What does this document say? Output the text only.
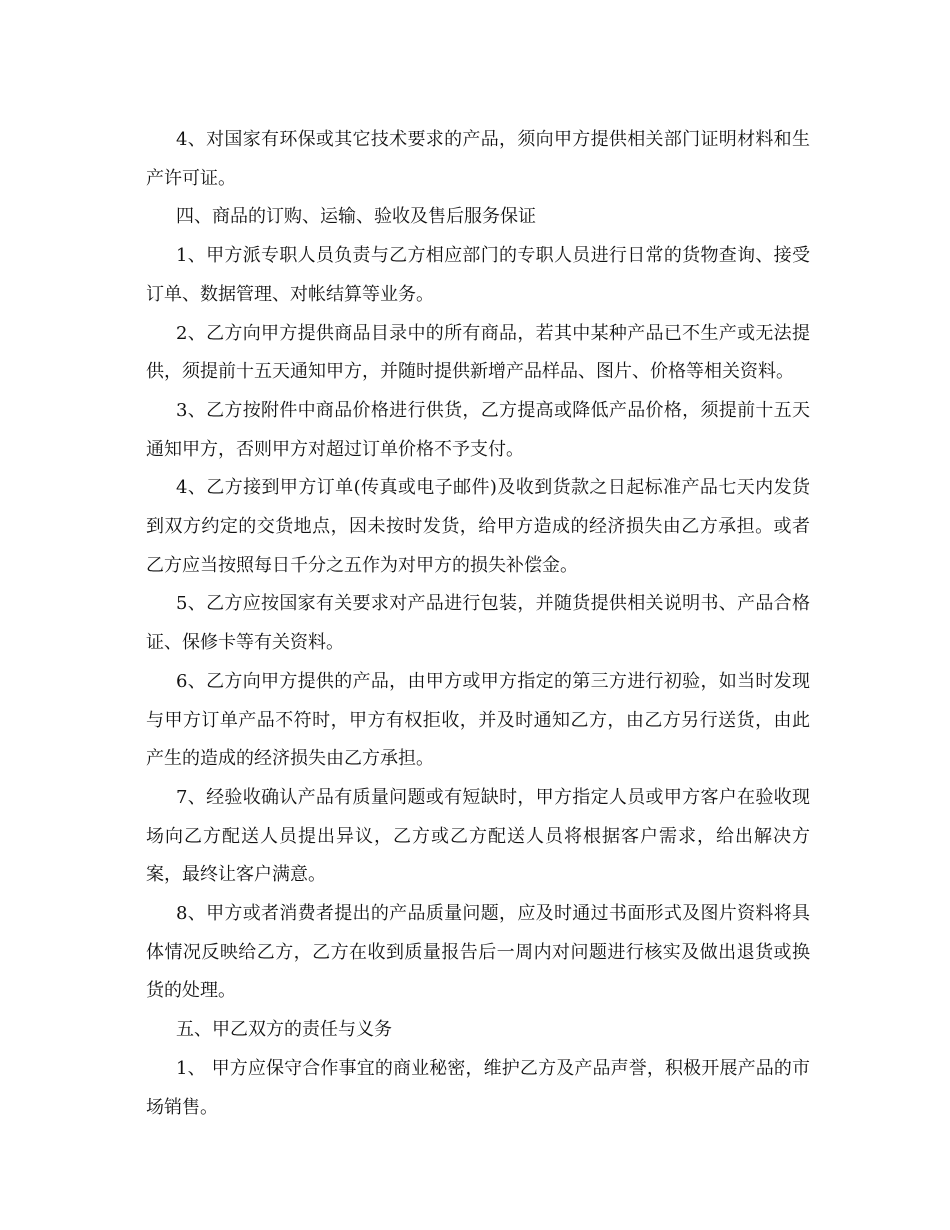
4、对国家有环保或其它技术要求的产品，须向甲方提供相关部门证明材料和生产许可证。

四、商品的订购、运输、验收及售后服务保证

1、甲方派专职人员负责与乙方相应部门的专职人员进行日常的货物查询、接受订单、数据管理、对帐结算等业务。

2、乙方向甲方提供商品目录中的所有商品，若其中某种产品已不生产或无法提供，须提前十五天通知甲方，并随时提供新增产品样品、图片、价格等相关资料。

3、乙方按附件中商品价格进行供货，乙方提高或降低产品价格，须提前十五天通知甲方，否则甲方对超过订单价格不予支付。

4、乙方接到甲方订单(传真或电子邮件)及收到货款之日起标准产品七天内发货到双方约定的交货地点，因未按时发货，给甲方造成的经济损失由乙方承担。或者乙方应当按照每日千分之五作为对甲方的损失补偿金。

5、乙方应按国家有关要求对产品进行包装，并随货提供相关说明书、产品合格证、保修卡等有关资料。

6、乙方向甲方提供的产品，由甲方或甲方指定的第三方进行初验，如当时发现与甲方订单产品不符时，甲方有权拒收，并及时通知乙方，由乙方另行送货，由此产生的造成的经济损失由乙方承担。

7、经验收确认产品有质量问题或有短缺时，甲方指定人员或甲方客户在验收现场向乙方配送人员提出异议，乙方或乙方配送人员将根据客户需求，给出解决方案，最终让客户满意。

8、甲方或者消费者提出的产品质量问题，应及时通过书面形式及图片资料将具体情况反映给乙方，乙方在收到质量报告后一周内对问题进行核实及做出退货或换货的处理。

五、甲乙双方的责任与义务

1、 甲方应保守合作事宜的商业秘密，维护乙方及产品声誉，积极开展产品的市场销售。
